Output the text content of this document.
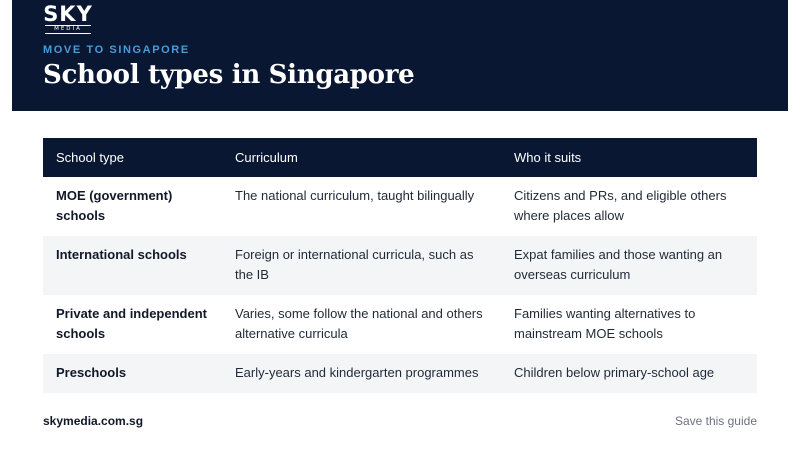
SKY
MEDIA
MOVE TO SINGAPORE
School types in Singapore
School type	Curriculum	Who it suits
MOE (government) schools	The national curriculum, taught bilingually	Citizens and PRs, and eligible others where places allow
International schools	Foreign or international curricula, such as the IB	Expat families and those wanting an overseas curriculum
Private and independent schools	Varies, some follow the national and others alternative curricula	Families wanting alternatives to mainstream MOE schools
Preschools	Early-years and kindergarten programmes	Children below primary-school age
skymedia.com.sg	Save this guide
